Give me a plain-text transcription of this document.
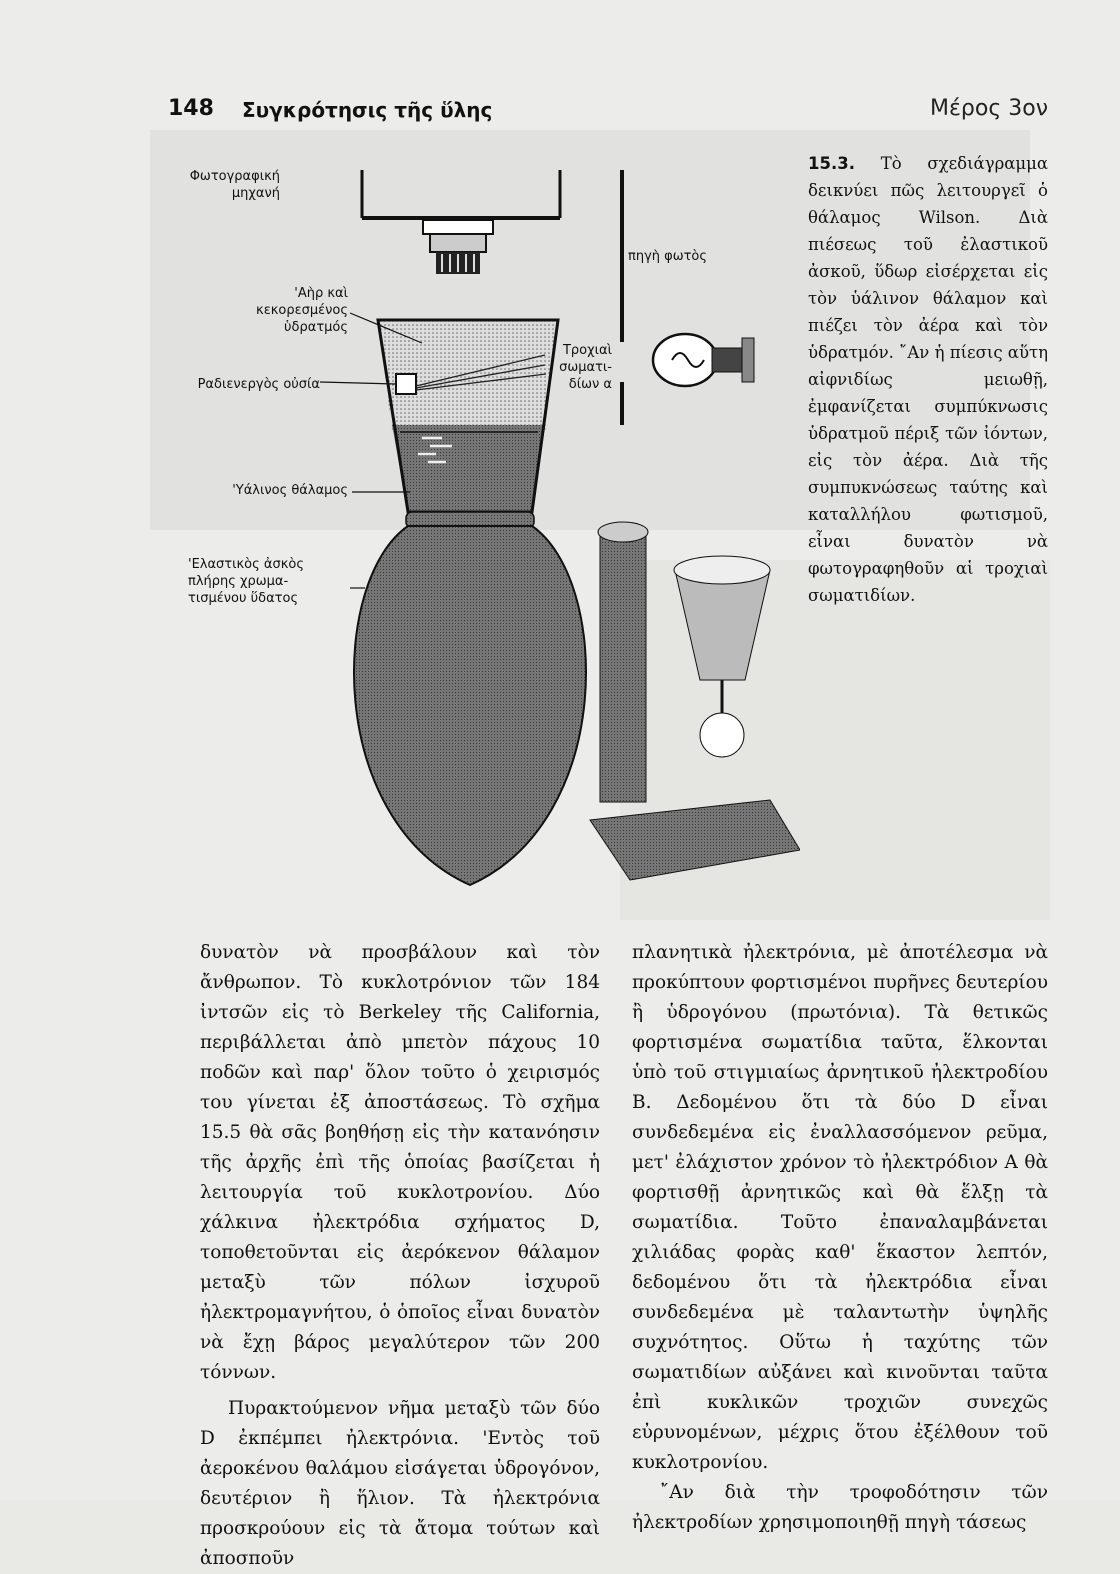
148 Συγκρότησις τῆς ὕλης	Μέρος 3ον
Φωτογραφική
μηχανή
'Αὴρ καὶ
κεκορεσμένος
ὑδρατμός
Ραδιενεργὸς οὐσία
'Υάλινος θάλαμος
'Ελαστικὸς ἀσκὸς
πλήρης χρωμα-
τισμένου ὕδατος
Τροχιαὶ
σωματι-
δίων α
πηγὴ φωτὸς
15.3. Τὸ σχεδιάγραμμα δεικνύει πῶς λειτουργεῖ ὁ θάλαμος Wilson. Διὰ πιέσεως τοῦ ἐλαστικοῦ ἀσκοῦ, ὕδωρ εἰσέρχεται εἰς τὸν ὑάλινον θάλαμον καὶ πιέζει τὸν ἀέρα καὶ τὸν ὑδρατμόν. ῎Αν ἡ πίεσις αὕτη αἰφνιδίως μειωθῇ, ἐμφανίζεται συμπύκνωσις ὑδρατμοῦ πέριξ τῶν ἰόντων, εἰς τὸν ἀέρα. Διὰ τῆς συμπυκνώσεως ταύτης καὶ καταλλήλου φωτισμοῦ, εἶναι δυνατὸν νὰ φωτογραφηθοῦν αἱ τροχιαὶ σωματιδίων.

δυνατὸν νὰ προσβάλουν καὶ τὸν ἄνθρωπον. Τὸ κυκλοτρόνιον τῶν 184 ἰντσῶν εἰς τὸ Berkeley τῆς California, περιβάλλεται ἀπὸ μπετὸν πάχους 10 ποδῶν καὶ παρ' ὅλον τοῦτο ὁ χειρισμός του γίνεται ἐξ ἀποστάσεως. Τὸ σχῆμα 15.5 θὰ σᾶς βοηθήσῃ εἰς τὴν κατανόησιν τῆς ἀρχῆς ἐπὶ τῆς ὁποίας βασίζεται ἡ λειτουργία τοῦ κυκλοτρονίου. Δύο χάλκινα ἠλεκτρόδια σχήματος D, τοποθετοῦνται εἰς ἀερόκενον θάλαμον μεταξὺ τῶν πόλων ἰσχυροῦ ἠλεκτρομαγνήτου, ὁ ὁποῖος εἶναι δυνατὸν νὰ ἔχῃ βάρος μεγαλύτερον τῶν 200 τόννων.

Πυρακτούμενον νῆμα μεταξὺ τῶν δύο D ἐκπέμπει ἠλεκτρόνια. 'Εντὸς τοῦ ἀεροκένου θαλάμου εἰσάγεται ὑδρογόνον, δευτέριον ἢ ἥλιον. Τὰ ἠλεκτρόνια προσκρούουν εἰς τὰ ἄτομα τούτων καὶ ἀποσποῦν

πλανητικὰ ἠλεκτρόνια, μὲ ἀποτέλεσμα νὰ προκύπτουν φορτισμένοι πυρῆνες δευτερίου ἢ ὑδρογόνου (πρωτόνια). Τὰ θετικῶς φορτισμένα σωματίδια ταῦτα, ἕλκονται ὑπὸ τοῦ στιγμιαίως ἀρνητικοῦ ἠλεκτροδίου Β. Δεδομένου ὅτι τὰ δύο D εἶναι συνδεδεμένα εἰς ἐναλλασσόμενον ρεῦμα, μετ' ἐλάχιστον χρόνον τὸ ἠλεκτρόδιον Α θὰ φορτισθῇ ἀρνητικῶς καὶ θὰ ἕλξῃ τὰ σωματίδια. Τοῦτο ἐπαναλαμβάνεται χιλιάδας φορὰς καθ' ἕκαστον λεπτόν, δεδομένου ὅτι τὰ ἠλεκτρόδια εἶναι συνδεδεμένα μὲ ταλαντωτὴν ὑψηλῆς συχνότητος. Οὕτω ἡ ταχύτης τῶν σωματιδίων αὐξάνει καὶ κινοῦνται ταῦτα ἐπὶ κυκλικῶν τροχιῶν συνεχῶς εὐρυνομένων, μέχρις ὅτου ἐξέλθουν τοῦ κυκλοτρονίου.

῎Αν διὰ τὴν τροφοδότησιν τῶν ἠλεκτροδίων χρησιμοποιηθῇ πηγὴ τάσεως
